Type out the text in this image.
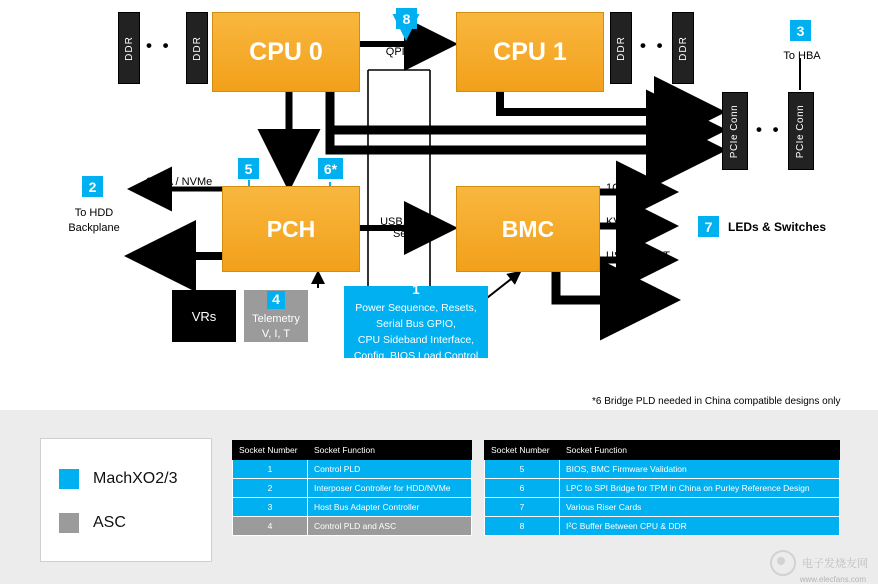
DDR • • DDR CPU 0
8
QPI / UPI	CPU 1	DDR • • DDR
3
To HBA
PCIe Conn • • PCIe Conn
DMI
2
To HDD
Backplane
5	6*
PCH
SATA / NVMe
1 / 10GE
USB, other Serial	BMC
1GE
KVM SW
USBs, UART
Fans
7 LEDs & Switches
VRs
4
Telemetry
V, I, T
1
Power Sequence, Resets,
Serial Bus GPIO,
CPU Sideband Interface,
Config, BIOS Load Control
*6 Bridge PLD needed in China compatible designs only
MachXO2/3
ASC
Socket Number	Socket Function
1	Control PLD
2	Interposer Controller for HDD/NVMe
3	Host Bus Adapter Controller
4	Control PLD and ASC
Socket Number	Socket Function
5	BIOS, BMC Firmware Validation
6	LPC to SPI Bridge for TPM in China on Purley Reference Design
7	Various Riser Cards
8	I²C Buffer Between CPU & DDR
电子发烧友网
www.elecfans.com
